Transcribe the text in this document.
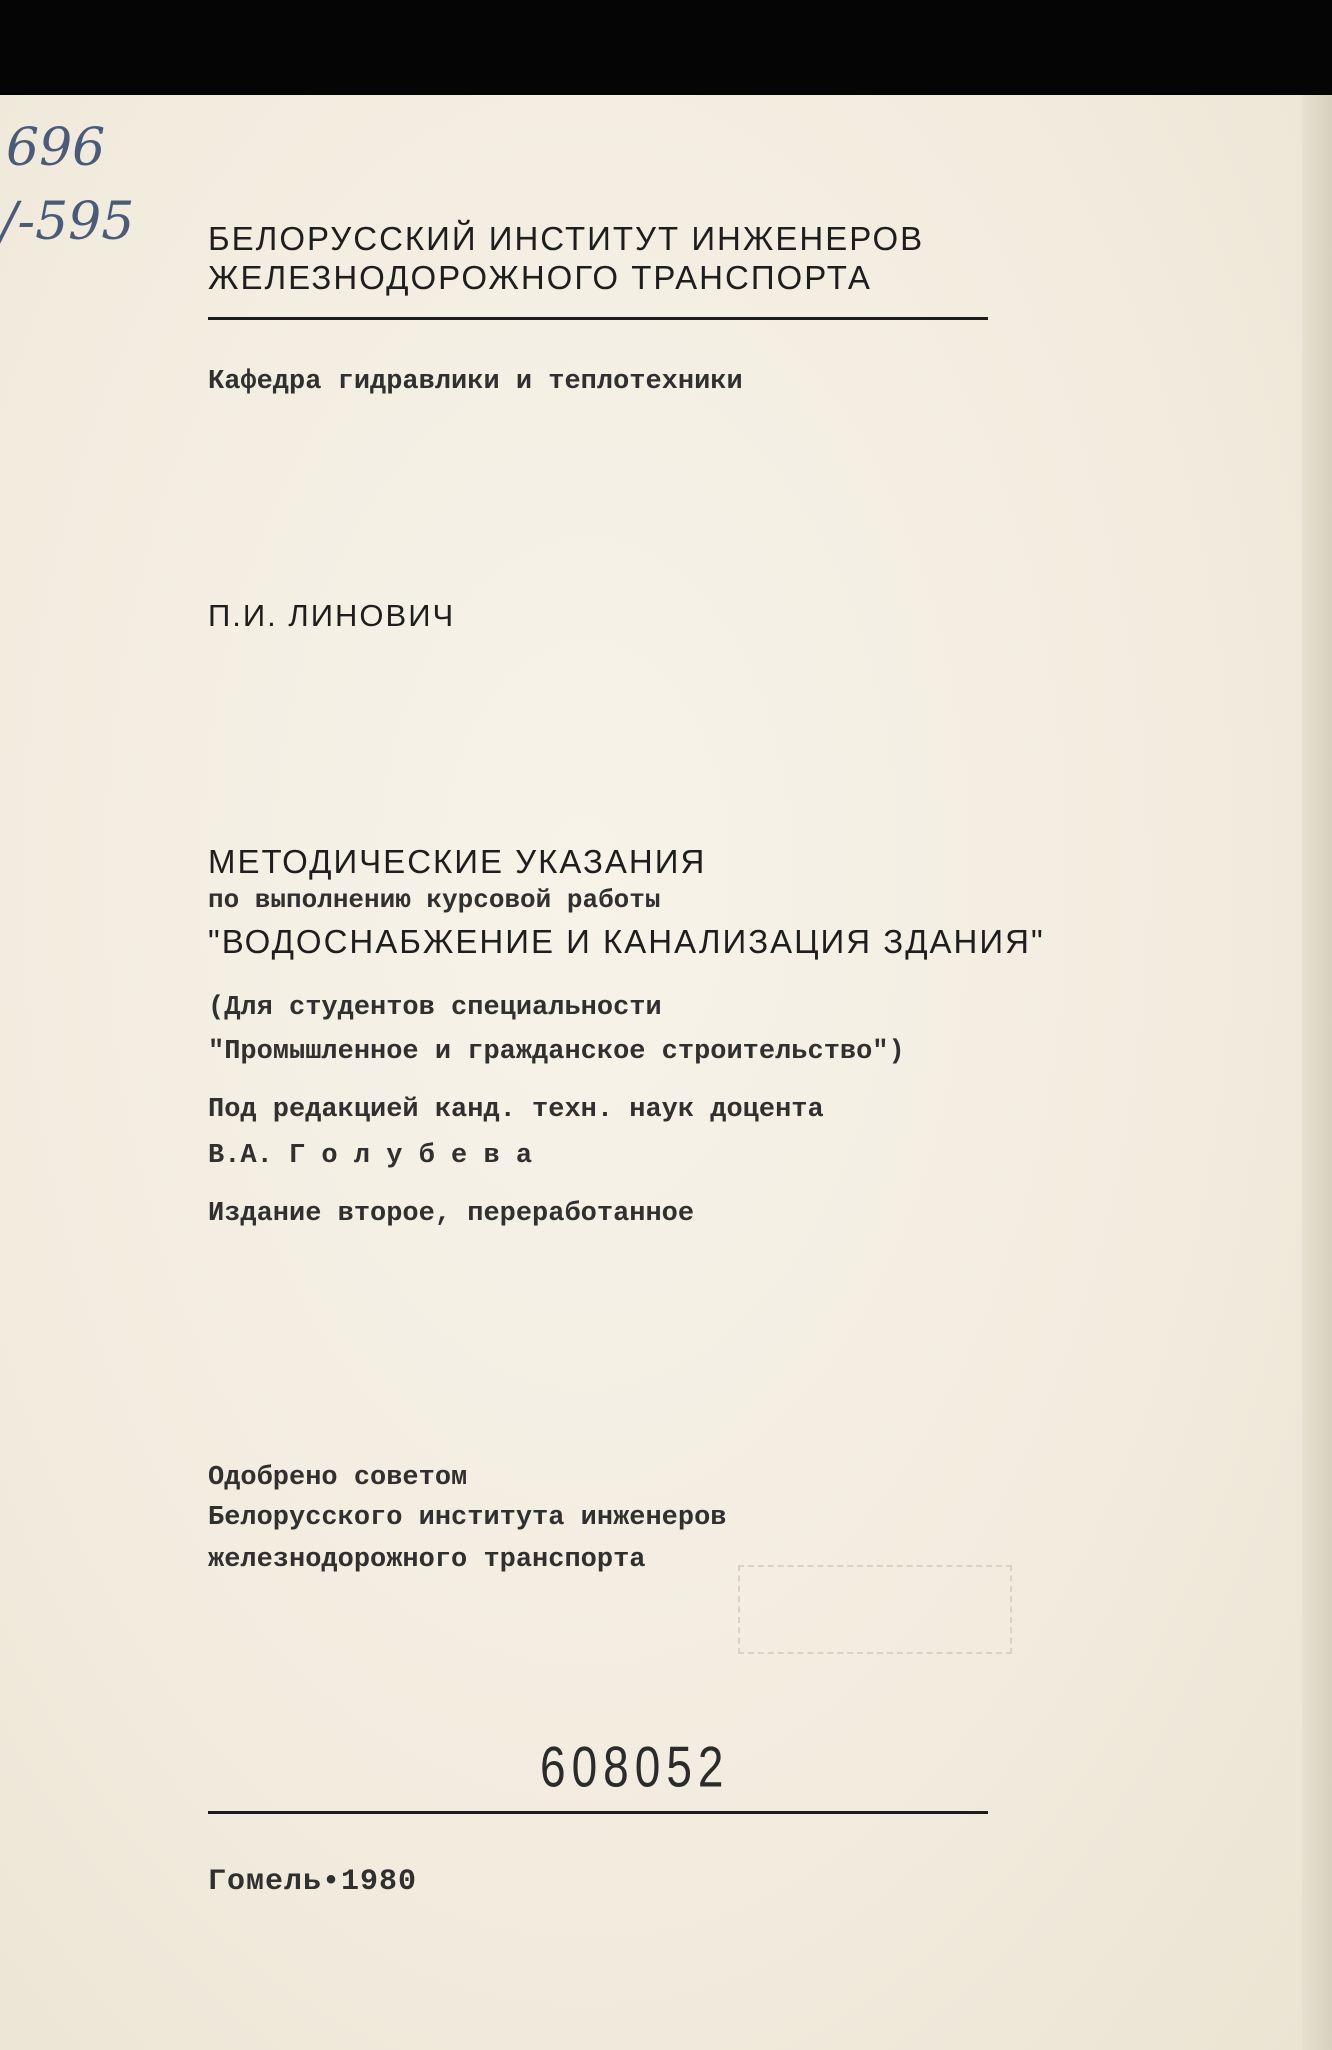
696
/-595 БЕЛОРУССКИЙ ИНСТИТУТ ИНЖЕНЕРОВ

ЖЕЛЕЗНОДОРОЖНОГО ТРАНСПОРТА

Кафедра гидравлики и теплотехники

П.И. ЛИНОВИЧ

МЕТОДИЧЕСКИЕ УКАЗАНИЯ

по выполнению курсовой работы

"ВОДОСНАБЖЕНИЕ И КАНАЛИЗАЦИЯ ЗДАНИЯ"

(Для студентов специальности

"Промышленное и гражданское строительство")

Под редакцией канд. техн. наук доцента

В.А. Г о л у б е в а

Издание второе, переработанное

Одобрено советом

Белорусского института инженеров

железнодорожного транспорта

608052

Гомель•1980
